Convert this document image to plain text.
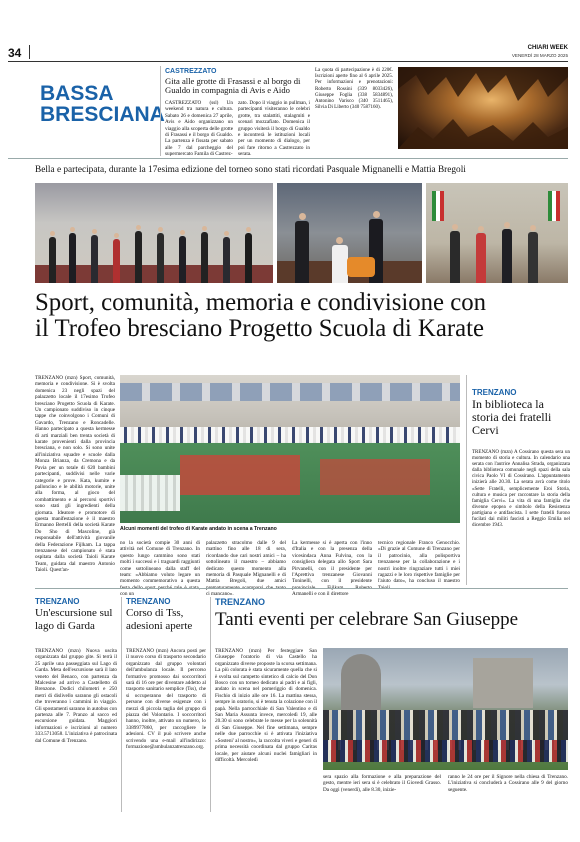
34	CHIARI WEEK
VENERDÌ 28 MARZO 2025
BASSA
BRESCIANA
CASTREZZATO
Gita alle grotte di Frasassi e al borgo di Gualdo in compagnia di Avis e Aido
CASTREZZATO (ssl) Un weekend tra natura e cultura. Sabato 26 e domenica 27 aprile, Avis e Aido organizzano un viaggio alla scoperta delle grotte di Frasassi e il borgo di Gualdo. La partenza è fissata per sabato alle 7 dal parcheggio del supermercato Famila di Castrez-
zato. Dopo il viaggio in pullman, i partecipanti visiteranno le celebri grotte, tra stalattiti, stalagmiti e scenari mozzafiato. Domenica il gruppo visiterà il borgo di Gualdo e incontrerà le istituzioni locali per un momento di dialogo, per poi fare ritorno a Castrezzato in serata.
La quota di partecipazione è di 220€. Iscrizioni aperte fino al 6 aprile 2025. Per informazioni e prenotazioni: Roberto Rossini (339 8033426), Giuseppe Foglia (338 5834891), Antonino Varisco (340 3511465), Silvia Di Liberto (340 7587160).
Bella e partecipata, durante la 17esima edizione del torneo sono stati ricordati Pasquale Mignanelli e Mattia Bregoli
Sport, comunità, memoria e condivisione con
il Trofeo bresciano Progetto Scuola di Karate
TRENZANO (mzn) Sport, comunità, memoria e condivisione. Si è svolta domenica 23 negli spazi del palazzetto locale il 17esimo Trofeo bresciano Progetto Scuola di Karate. Un campionato suddiviso in cinque tappe che coinvolgono i Comuni di Gavardo, Trenzano e Roncadelle. Hanno partecipato a questa kermesse di arti marziali ben trenta società di karate provenienti dalla provincia bresciana, e non solo. Si sono unite all'iniziativa squadre e scuole dalla Monza Brianza, da Cremona e da Pavia per un totale di 620 bambini partecipanti, suddivisi nelle varie categorie e prove. Kata, kumite e palloncino e le abilità motorie, unite alla forma, al gioco del combattimento e ai percorsi sportivi sono stati gli ingredienti della giornata. Ideatore e promotore di questa manifestazione è il maestro Ermanno Bertelli della società Karate Do Sho di Mascoline, già responsabile dell'attività giovanile della Federazione Fijlkam. La tappa trenzanese del campionato è stata ospitata dalla società Taioli Karate Team, guidata dal maestro Antonio Taioli. Quest'an-
Alcuni momenti del trofeo di Karate andato in scena a Trenzano
no la società compie 30 anni di attività nel Comune di Trenzano. In questo lungo cammino sono stati molti i successi e i traguardi raggiunti come sottolineano dalla staff del team: «Abbiamo voluto legare un momento commemorativo a questa festa dello sport perché tale è stata, con un
palazzetto stracolmo dalle 9 del mattino fino alle 18 di sera, ricordando due cari nostri amici – ha sottolineato il maestro – abbiamo dedicato questo momento alla memoria di Pasquale Mignanelli e di Mattia Bregoli, due amici prematuramente scomparsi che tanto ci mancano».
La kermesse si è aperta con l'inno d'Italia e con la presenza della vicesindaca Anna Fulvina, con la consigliera delegata allo Sport Sara Pirvanelli, con il presidente per l'Aprettiva trenzanese Giovanni Toninelli, con il presidente provinciale Fijlkam Roberto Armanelli e con il direttore
tecnico regionale Franco Genocchio. «Di grazie al Comune di Trenzano per il patrocinio, alla polisportiva trenzanese per la collaborazione e i nostri inoltre ringraziare tutti i miei ragazzi e le loro rispettive famiglie per l'aiuto dato», ha concluso il maestro Taioli.
TRENZANO
In biblioteca la storia dei fratelli Cervi
TRENZANO (mzn) A Cossirano questa sera un momento di storia e cultura. In calendario una serata con l'autrice Annalisa Strada, organizzata dalla biblioteca comunale negli spazi della sala civica Paolo VI di Cossirano. L'appuntamento inizierà alle 20.30. La serata avrà come titolo «Sette Fratelli, semplicemente Eroi Storia, cultura e musica per raccontare la storia della famiglia Cervi». La vita di una famiglia che divenne epopea e simbolo della Resistenza partigiana e antifascista. I sette fratelli furono fucilati dai militi fascisti a Reggio Emilia nel dicembre 1943.
TRENZANO
Un'escursione sul lago di Garda
TRENZANO (mzn) Nuova uscita organizzata dal gruppo gite. Si terrà il 25 aprile una passeggiata sul Lago di Garda. Meta dell'escursione sarà il lato veneto del Benaco, con partenza da Malcesine ad arrivo a Castelletto di Brenzone. Dodici chilometri e 250 metri di dislivello saranno gli ostacoli che troveranno i cammini in viaggio. Gli spostamenti saranno in autobus con partenza alle 7. Pranzo al sacco ed escursione guidata. Maggiori informazioni e iscrizioni al numero 333.5713058. L'iniziativa è patrocinata dal Comune di Trenzano.
TRENZANO
Corso di Tss, adesioni aperte
TRENZANO (mzn) Ancora posti per il nuovo corso di trasporto secondario organizzato dal gruppo volontari dell'ambulanza locale. Il percorso formativo promosso dai soccorritori sarà di 16 ore per diventare addetto al trasporto sanitario semplice (Tss), che si occuperanno del trasporto di persone con diverse esigenze con i mezzi di piccola taglia del gruppo di piazza del Volontario. I soccorritori hanno, inoltre, attivato un numero, lo 3389977860, per raccogliere le adesioni. CV il può scrivere anche scrivendo una e-mail all'indirizzo: formazione@ambulanzatrenzano.org.
TRENZANO
Tanti eventi per celebrare San Giuseppe
TRENZANO (mzn) Per festeggiare San Giuseppe l'oratorio di via Castello ha organizzato diverse proposte la scorsa settimana. La più colorata è stata sicuramente quella che si è svolta sul campetto sintetico di calcio del Don Bosco con un torneo dedicato ai padri e ai figli, andato in scena nel pomeriggio di domenica. Fischio di inizio alle ore 16. La mattina stessa, sempre in oratorio, si è tenuta la colazione con il papà. Nella parrocchiale di San Valentino e di San Maria Assunta invece, mercoledì 19, alle 20.30 si sono celebrate le messe per la solennità di San Giuseppe. Nel fine settimana, sempre nelle due parrocchie si è attivata l'iniziativa «Sosteni' al nostro», la raccolta viveri e generi di prima necessità coordinata dal gruppo Caritas locale, per aiutare alcuni nuclei famigliari in difficoltà. Mercoledì
sera spazio alla formazione e alla preparazione del gesto, mentre ieri sera si è celebrato il Giovedì Grasso. Da oggi (venerdì), alle 8.30, inizie-
ranno le 24 ore per il Signore nella chiesa di Trenzano. L'iniziativa si concluderà a Cossirano alle 9 del giorno seguente.
